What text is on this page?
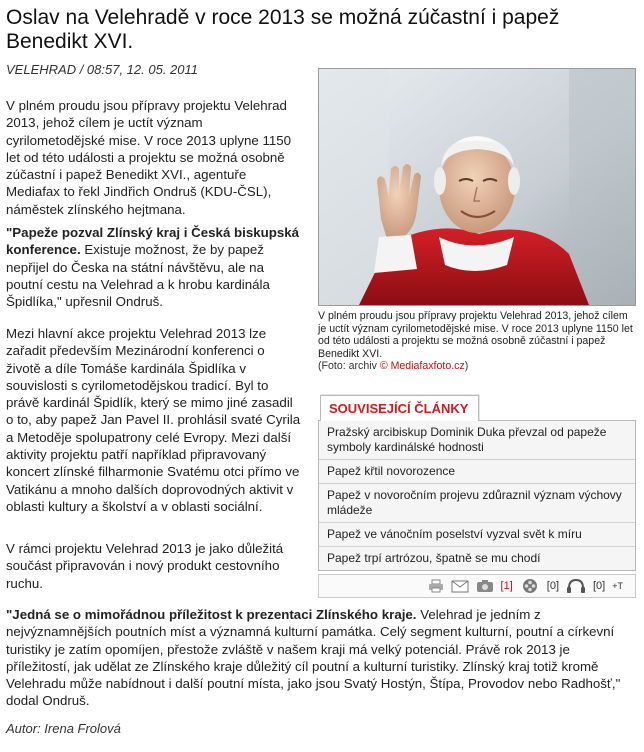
Oslav na Velehradě v roce 2013 se možná zúčastní i papež Benedikt XVI.
VELEHRAD / 08:57, 12. 05. 2011

V plném proudu jsou přípravy projektu Velehrad 2013, jehož cílem je uctít význam cyrilometodějské mise. V roce 2013 uplyne 1150 let od této události a projektu se možná osobně zúčastní i papež Benedikt XVI., agentuře Mediafax to řekl Jindřich Ondruš (KDU-ČSL), náměstek zlínského hejtmana.

"Papeže pozval Zlínský kraj i Česká biskupská konference. Existuje možnost, že by papež nepřijel do Česka na státní návštěvu, ale na poutní cestu na Velehrad a k hrobu kardinála Špidlíka," upřesnil Ondruš.

Mezi hlavní akce projektu Velehrad 2013 lze zařadit především Mezinárodní konferenci o životě a díle Tomáše kardinála Špidlíka v souvislosti s cyrilometodějskou tradicí. Byl to právě kardinál Špidlík, který se mimo jiné zasadil o to, aby papež Jan Pavel II. prohlásil svaté Cyrila a Metoděje spolupatrony celé Evropy. Mezi další aktivity projektu patří například připravovaný koncert zlínské filharmonie Svatému otci přímo ve Vatikánu a mnoho dalších doprovodných aktivit v oblasti kultury a školství a v oblasti sociální.

V rámci projektu Velehrad 2013 je jako důležitá součást připravován i nový produkt cestovního ruchu.

"Jedná se o mimořádnou příležitost k prezentaci Zlínského kraje. Velehrad je jedním z nejvýznamnějších poutních míst a významná kulturní památka. Celý segment kulturní, poutní a církevní turistiky je zatím opomíjen, přestože zvláště v našem kraji má velký potenciál. Právě rok 2013 je příležitostí, jak udělat ze Zlínského kraje důležitý cíl poutní a kulturní turistiky. Zlínský kraj totiž kromě Velehradu může nabídnout i další poutní místa, jako jsou Svatý Hostýn, Štípa, Provodov nebo Radhošť," dodal Ondruš.

Autor: Irena Frolová
V plném proudu jsou přípravy projektu Velehrad 2013, jehož cílem je uctít význam cyrilometodějské mise. V roce 2013 uplyne 1150 let od této události a projektu se možná osobně zúčastní i papež Benedikt XVI.
(Foto: archiv © Mediafaxfoto.cz)
SOUVISEJÍCÍ ČLÁNKY
Pražský arcibiskup Dominik Duka převzal od papeže symboly kardinálské hodnosti
Papež křtil novorozence
Papež v novoročním projevu zdůraznil význam výchovy mládeže
Papež ve vánočním poselství vyzval svět k míru
Papež trpí artrózou, špatně se mu chodí
[1]	[0]	[0] +T
